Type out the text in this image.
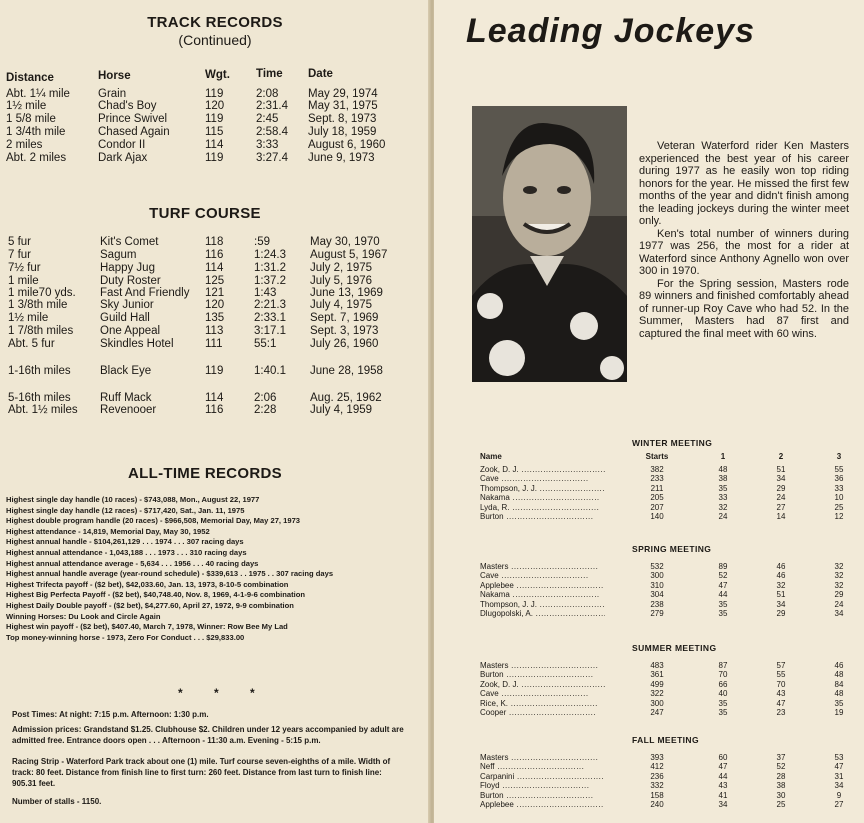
TRACK RECORDS
(Continued)
Distance	Horse	Wgt. Time Date
Abt. 1¼ mile Grain	119	2:08	May 29, 1974
1½ mile	Chad's Boy	120	2:31.4 May 31, 1975
1 5/8 mile	Prince Swivel	119	2:45	Sept. 8, 1973
1 3/4th mile	Chased Again	115	2:58.4 July 18, 1959
2 miles	Condor II	114	3:33	August 6, 1960
Abt. 2 miles	Dark Ajax	119	3:27.4 June 9, 1973
TURF COURSE
5 fur	Kit's Comet	118	:59	May 30, 1970
7 fur	Sagum	116	1:24.3 August 5, 1967
7½ fur	Happy Jug	114	1:31.2 July 2, 1975
1 mile	Duty Roster	125	1:37.2 July 5, 1976
1 mile70 yds. Fast And Friendly 121	1:43	June 13, 1969
1 3/8th mile	Sky Junior	120	2:21.3 July 4, 1975
1½ mile	Guild Hall	135	2:33.1 Sept. 7, 1969
1 7/8th miles One Appeal	113	3:17.1 Sept. 3, 1973
Abt. 5 fur	Skindles Hotel	111	55:1	July 26, 1960
1-16th miles	Black Eye	119	1:40.1 June 28, 1958
5-16th miles	Ruff Mack	114	2:06	Aug. 25, 1962
Abt. 1½ miles Revenooer	116	2:28	July 4, 1959
ALL-TIME RECORDS
Highest single day handle (10 races) - $743,088, Mon., August 22, 1977
Highest single day handle (12 races) - $717,420, Sat., Jan. 11, 1975
Highest double program handle (20 races) - $966,508, Memorial Day, May 27, 1973
Highest attendance - 14,819, Memorial Day, May 30, 1952
Highest annual handle - $104,261,129 . . . 1974 . . . 307 racing days
Highest annual attendance - 1,043,188 . . . 1973 . . . 310 racing days
Highest annual attendance average - 5,634 . . . 1956 . . . 40 racing days
Highest annual handle average (year-round schedule) - $339,613 . . 1975 . . 307 racing days
Highest Trifecta payoff - ($2 bet), $42,033.60, Jan. 13, 1973, 8-10-5 combination
Highest Big Perfecta Payoff - ($2 bet), $40,748.40, Nov. 8, 1969, 4-1-9-6 combination
Highest Daily Double payoff - ($2 bet), $4,277.60, April 27, 1972, 9-9 combination
Winning Horses: Du Look and Circle Again
Highest win payoff - ($2 bet), $407.40, March 7, 1978, Winner: Row Bee My Lad
Top money-winning horse - 1973, Zero For Conduct . . . $29,833.00
* * *
Post Times: At night: 7:15 p.m. Afternoon: 1:30 p.m.
Admission prices: Grandstand $1.25. Clubhouse $2. Children under 12 years accompanied by adult are admitted free. Entrance doors open . . . Afternoon - 11:30 a.m. Evening - 5:15 p.m.
Racing Strip - Waterford Park track about one (1) mile. Turf course seven-eighths of a mile. Width of track: 80 feet. Distance from finish line to first turn: 260 feet. Distance from last turn to finish line: 905.31 feet.
Number of stalls - 1150.
Leading Jockeys

Veteran Waterford rider Ken Masters experienced the best year of his career during 1977 as he easily won top riding honors for the year. He missed the first few months of the year and didn't finish among the leading jockeys during the winter meet only.

Ken's total number of winners during 1977 was 256, the most for a rider at Waterford since Anthony Agnello won over 300 in 1970.

For the Spring session, Masters rode 89 winners and finished comfortably ahead of runner-up Roy Cave who had 52. In the Summer, Masters had 87 first and captured the final meet with 60 wins.

WINTER MEETING
Name	Starts	1	2	3
Zook, D. J. .....	382	48	51	55
Cave .....	233	38	34	36
Thompson, J. J. .....	211	35	29	33
Nakama .....	205	33	24	10
Lyda, R. .....	207	32	27	25
Burton .....	140	24	14	12
SPRING MEETING
Masters .....	532	89	46	32
Cave .....	300	52	46	32
Applebee .....	310	47	32	32
Nakama .....	304	44	51	29
Thompson, J. J. .....	238	35	34	24
Dlugopolski, A. .....	279	35	29	34
SUMMER MEETING
Masters .....	483	87	57	46
Burton .....	361	70	55	48
Zook, D. J. .....	499	66	70	84
Cave .....	322	40	43	48
Rice, K. .....	300	35	47	35
Cooper .....	247	35	23	19
FALL MEETING
Masters .....	393	60	37	53
Neff .....	412	47	52	47
Carpanini .....	236	44	28	31
Floyd .....	332	43	38	34
Burton .....	158	41	30	9
Applebee .....	240	34	25	27
